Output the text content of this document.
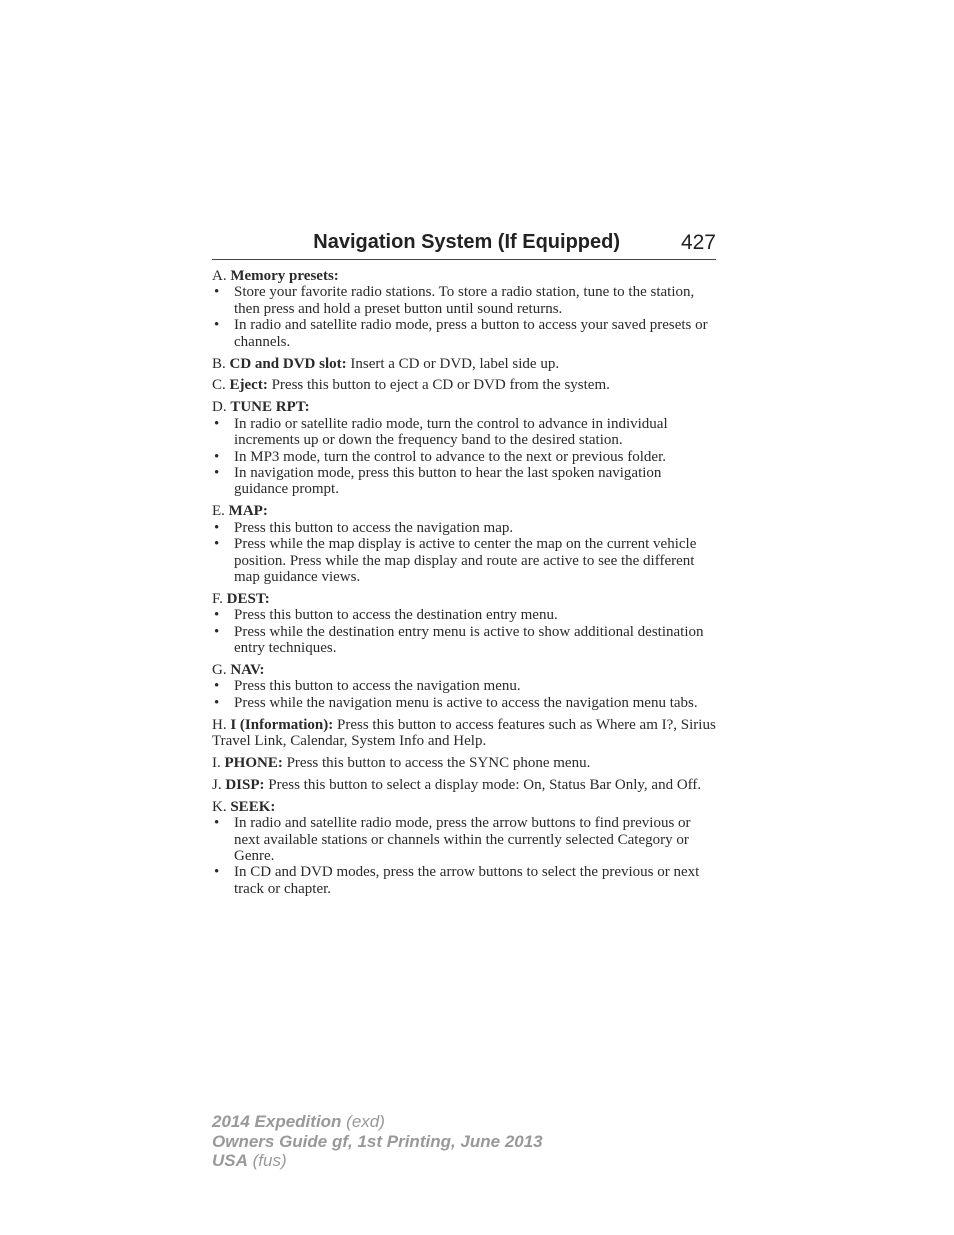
Navigation System (If Equipped)	427
A. Memory presets:
• Store your favorite radio stations. To store a radio station, tune to the station, then press and hold a preset button until sound returns.
• In radio and satellite radio mode, press a button to access your saved presets or channels.
B. CD and DVD slot: Insert a CD or DVD, label side up.
C. Eject: Press this button to eject a CD or DVD from the system.
D. TUNE RPT:
• In radio or satellite radio mode, turn the control to advance in individual increments up or down the frequency band to the desired station.
• In MP3 mode, turn the control to advance to the next or previous folder.
• In navigation mode, press this button to hear the last spoken navigation guidance prompt.
E. MAP:
• Press this button to access the navigation map.
• Press while the map display is active to center the map on the current vehicle position. Press while the map display and route are active to see the different map guidance views.
F. DEST:
• Press this button to access the destination entry menu.
• Press while the destination entry menu is active to show additional destination entry techniques.
G. NAV:
• Press this button to access the navigation menu.
• Press while the navigation menu is active to access the navigation menu tabs.
H. I (Information): Press this button to access features such as Where am I?, Sirius Travel Link, Calendar, System Info and Help.
I. PHONE: Press this button to access the SYNC phone menu.
J. DISP: Press this button to select a display mode: On, Status Bar Only, and Off.
K. SEEK:
• In radio and satellite radio mode, press the arrow buttons to find previous or next available stations or channels within the currently selected Category or Genre.
• In CD and DVD modes, press the arrow buttons to select the previous or next track or chapter.
2014 Expedition (exd)
Owners Guide gf, 1st Printing, June 2013
USA (fus)
